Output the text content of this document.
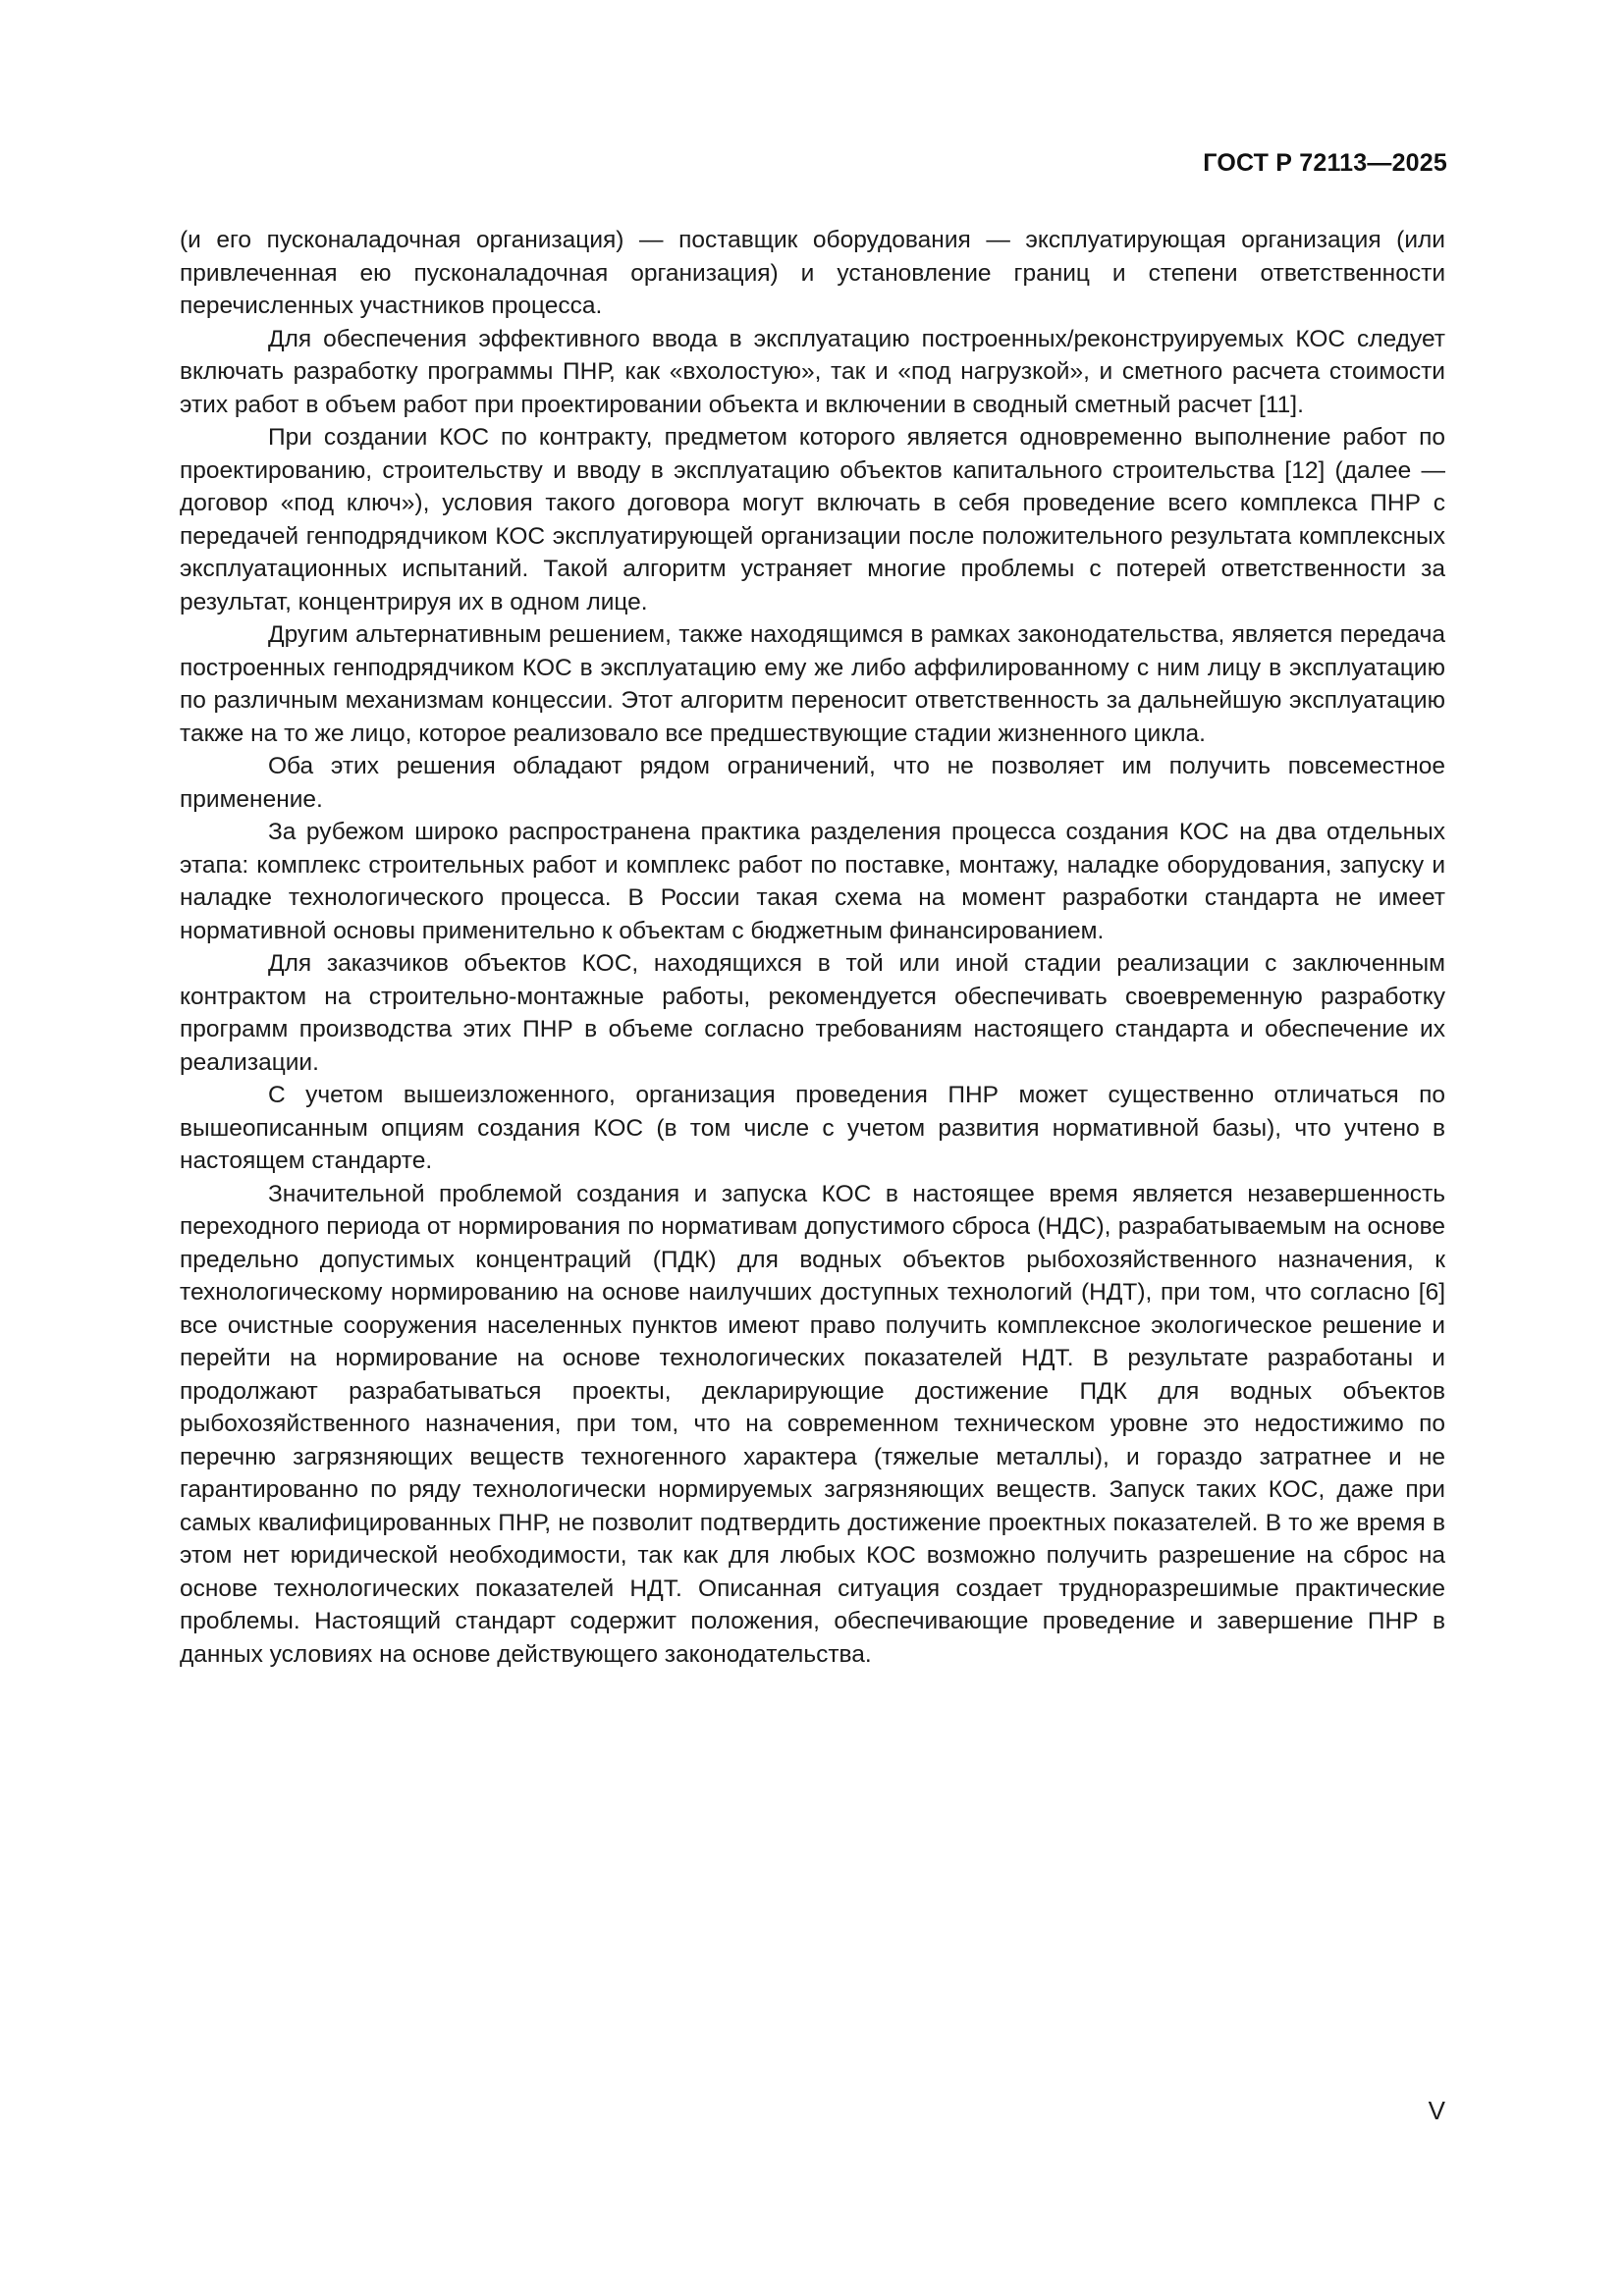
ГОСТ Р 72113—2025

(и его пусконаладочная организация) — поставщик оборудования — эксплуатирующая организация (или привлеченная ею пусконаладочная организация) и установление границ и степени ответственности перечисленных участников процесса.

Для обеспечения эффективного ввода в эксплуатацию построенных/реконструируемых КОС следует включать разработку программы ПНР, как «вхолостую», так и «под нагрузкой», и сметного расчета стоимости этих работ в объем работ при проектировании объекта и включении в сводный сметный расчет [11].

При создании КОС по контракту, предметом которого является одновременно выполнение работ по проектированию, строительству и вводу в эксплуатацию объектов капитального строительства [12] (далее — договор «под ключ»), условия такого договора могут включать в себя проведение всего комплекса ПНР с передачей генподрядчиком КОС эксплуатирующей организации после положительного результата комплексных эксплуатационных испытаний. Такой алгоритм устраняет многие проблемы с потерей ответственности за результат, концентрируя их в одном лице.

Другим альтернативным решением, также находящимся в рамках законодательства, является передача построенных генподрядчиком КОС в эксплуатацию ему же либо аффилированному с ним лицу в эксплуатацию по различным механизмам концессии. Этот алгоритм переносит ответственность за дальнейшую эксплуатацию также на то же лицо, которое реализовало все предшествующие стадии жизненного цикла.

Оба этих решения обладают рядом ограничений, что не позволяет им получить повсеместное применение.

За рубежом широко распространена практика разделения процесса создания КОС на два отдельных этапа: комплекс строительных работ и комплекс работ по поставке, монтажу, наладке оборудования, запуску и наладке технологического процесса. В России такая схема на момент разработки стандарта не имеет нормативной основы применительно к объектам с бюджетным финансированием.

Для заказчиков объектов КОС, находящихся в той или иной стадии реализации с заключенным контрактом на строительно-монтажные работы, рекомендуется обеспечивать своевременную разработку программ производства этих ПНР в объеме согласно требованиям настоящего стандарта и обеспечение их реализации.

С учетом вышеизложенного, организация проведения ПНР может существенно отличаться по вышеописанным опциям создания КОС (в том числе с учетом развития нормативной базы), что учтено в настоящем стандарте.

Значительной проблемой создания и запуска КОС в настоящее время является незавершенность переходного периода от нормирования по нормативам допустимого сброса (НДС), разрабатываемым на основе предельно допустимых концентраций (ПДК) для водных объектов рыбохозяйственного назначения, к технологическому нормированию на основе наилучших доступных технологий (НДТ), при том, что согласно [6] все очистные сооружения населенных пунктов имеют право получить комплексное экологическое решение и перейти на нормирование на основе технологических показателей НДТ. В результате разработаны и продолжают разрабатываться проекты, декларирующие достижение ПДК для водных объектов рыбохозяйственного назначения, при том, что на современном техническом уровне это недостижимо по перечню загрязняющих веществ техногенного характера (тяжелые металлы), и гораздо затратнее и не гарантированно по ряду технологически нормируемых загрязняющих веществ. Запуск таких КОС, даже при самых квалифицированных ПНР, не позволит подтвердить достижение проектных показателей. В то же время в этом нет юридической необходимости, так как для любых КОС возможно получить разрешение на сброс на основе технологических показателей НДТ. Описанная ситуация создает трудноразрешимые практические проблемы. Настоящий стандарт содержит положения, обеспечивающие проведение и завершение ПНР в данных условиях на основе действующего законодательства.

V
